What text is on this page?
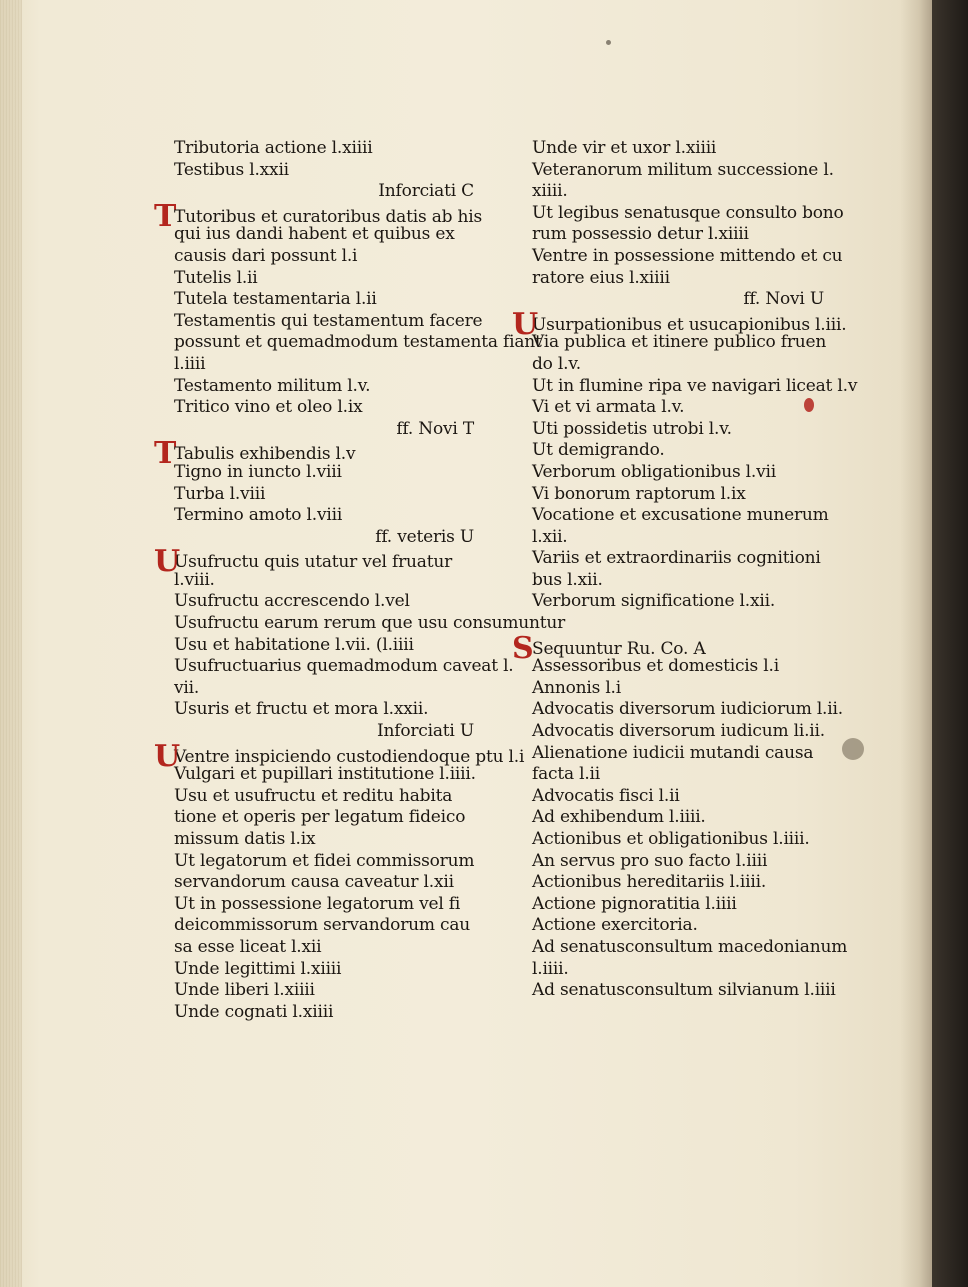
Tributoria actione l.xiiii
Testibus l.xxii
Inforciati C
TTutoribus et curatoribus datis ab his
qui ius dandi habent et quibus ex
causis dari possunt l.i
Tutelis l.ii
Tutela testamentaria l.ii
Testamentis qui testamentum facere
possunt et quemadmodum testamenta fiant
l.iiii
Testamento militum l.v.
Tritico vino et oleo l.ix
ff. Novi T
TTabulis exhibendis l.v
Tigno in iuncto l.viii
Turba l.viii
Termino amoto l.viii
ff. veteris U
UUsufructu quis utatur vel fruatur
l.viii.
Usufructu accrescendo l.vel
Usufructu earum rerum que usu consumuntur
Usu et habitatione l.vii. (l.iiii
Usufructuarius quemadmodum caveat l.
vii.
Usuris et fructu et mora l.xxii.
Inforciati U
UVentre inspiciendo custodiendoque ptu l.i
Vulgari et pupillari institutione l.iiii.
Usu et usufructu et reditu habita
tione et operis per legatum fideico
missum datis l.ix
Ut legatorum et fidei commissorum
servandorum causa caveatur l.xii
Ut in possessione legatorum vel fi
deicommissorum servandorum cau
sa esse liceat l.xii
Unde legittimi l.xiiii
Unde liberi l.xiiii
Unde cognati l.xiiii
Unde vir et uxor l.xiiii
Veteranorum militum successione l.
xiiii.
Ut legibus senatusque consulto bono
rum possessio detur l.xiiii
Ventre in possessione mittendo et cu
ratore eius l.xiiii
ff. Novi U
UUsurpationibus et usucapionibus l.iii.
Via publica et itinere publico fruen
do l.v.
Ut in flumine ripa ve navigari liceat l.v
Vi et vi armata l.v.
Uti possidetis utrobi l.v.
Ut demigrando.
Verborum obligationibus l.vii
Vi bonorum raptorum l.ix
Vocatione et excusatione munerum
l.xii.
Variis et extraordinariis cognitioni
bus l.xii.
Verborum significatione l.xii.
SSequuntur Ru. Co. A
Assessoribus et domesticis l.i
Annonis l.i
Advocatis diversorum iudiciorum l.ii.
Advocatis diversorum iudicum li.ii.
Alienatione iudicii mutandi causa
facta l.ii
Advocatis fisci l.ii
Ad exhibendum l.iiii.
Actionibus et obligationibus l.iiii.
An servus pro suo facto l.iiii
Actionibus hereditariis l.iiii.
Actione pignoratitia l.iiii
Actione exercitoria.
Ad senatusconsultum macedonianum
l.iiii.
Ad senatusconsultum silvianum l.iiii
